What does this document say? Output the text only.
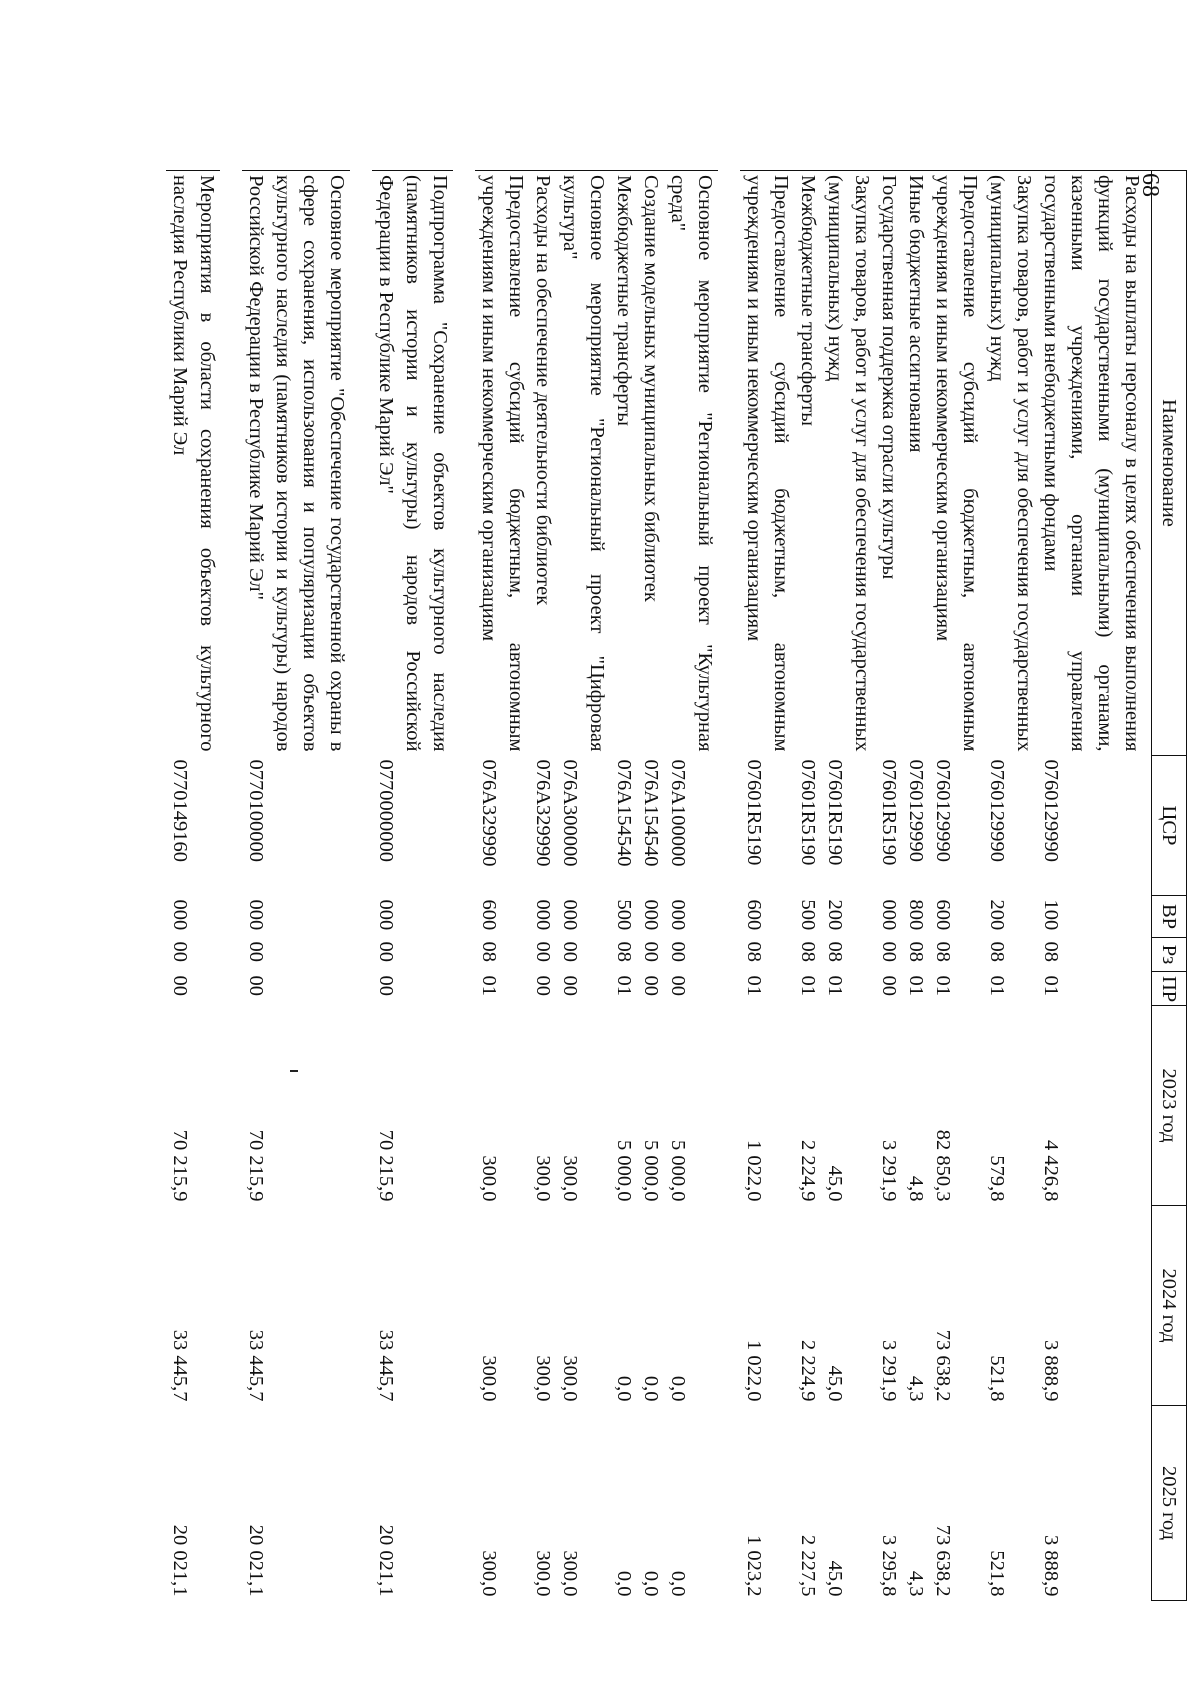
68
Наименование	ЦСР	ВР	Рз	ПР	2023 год	2024 год	2025 год
Расходы на выплаты персоналу в целях обеспечения выполнения функций государственными (муниципальными) органами, казенными учреждениями, органами управления государственными внебюджетными фондами	0760129990	100	08	01	4 426,8	3 888,9	3 888,9
Закупка товаров, работ и услуг для обеспечения государственных (муниципальных) нужд	0760129990	200	08	01	579,8	521,8	521,8
Предоставление субсидий бюджетным, автономным учреждениям и иным некоммерческим организациям	0760129990	600	08	01	82 850,3	73 638,2	73 638,2
Иные бюджетные ассигнования	0760129990	800	08	01	4,8	4,3	4,3
Государственная поддержка отрасли культуры	07601R5190	000	00	00	3 291,9	3 291,9	3 295,8
Закупка товаров, работ и услуг для обеспечения государственных (муниципальных) нужд	07601R5190	200	08	01	45,0	45,0	45,0
Межбюджетные трансферты	07601R5190	500	08	01	2 224,9	2 224,9	2 227,5
Предоставление субсидий бюджетным, автономным учреждениям и иным некоммерческим организациям	07601R5190	600	08	01	1 022,0	1 022,0	1 023,2

Основное мероприятие "Региональный проект "Культурная среда"	076A100000	000	00	00	5 000,0	0,0	0,0
Создание модельных муниципальных библиотек	076A154540	000	00	00	5 000,0	0,0	0,0
Межбюджетные трансферты	076A154540	500	08	01	5 000,0	0,0	0,0
Основное мероприятие "Региональный проект "Цифровая культура"	076A300000	000	00	00	300,0	300,0	300,0
Расходы на обеспечение деятельности библиотек	076A329990	000	00	00	300,0	300,0	300,0
Предоставление субсидий бюджетным, автономным учреждениям и иным некоммерческим организациям	076A329990	600	08	01	300,0	300,0	300,0

Подпрограмма "Сохранение объектов культурного наследия (памятников истории и культуры) народов Российской Федерации в Республике Марий Эл"	0770000000	000	00	00	70 215,9	33 445,7	20 021,1

Основное мероприятие "Обеспечение государственной охраны в сфере сохранения, использования и популяризации объектов культурного наследия (памятников истории и культуры) народов Российской Федерации в Республике Марий Эл"	0770100000	000	00	00	70 215,9	33 445,7	20 021,1

Мероприятия в области сохранения объектов культурного наследия Республики Марий Эл	0770149160	000	00	00	70 215,9	33 445,7	20 021,1
